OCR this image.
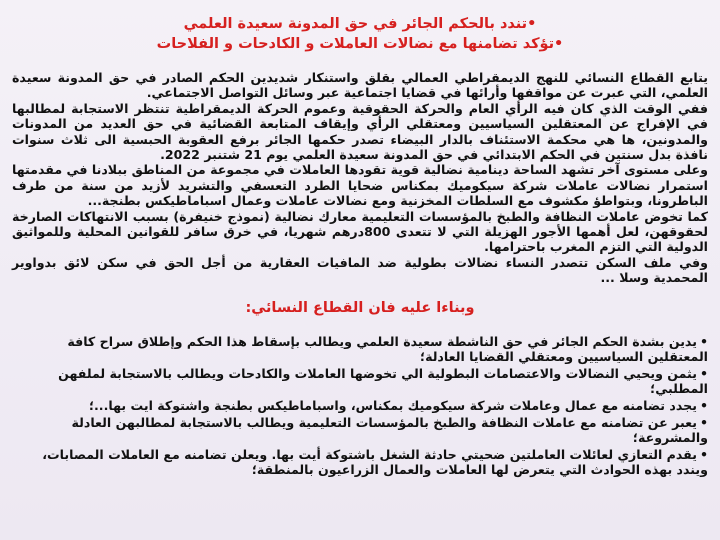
•تندد بالحكم الجائر في حق المدونة سعيدة العلمي

•تؤكد تضامنها مع نضالات العاملات و الكادحات و الفلاحات

يتابع القطاع النسائي للنهج الديمقراطي العمالي بقلق واستنكار شديدين الحكم الصادر في حق المدونة سعيدة العلمي، التي عبرت عن مواقفها وأرائها في قضايا اجتماعية عبر وسائل التواصل الاجتماعي.

ففي الوقت الذي كان فيه الرأي العام والحركة الحقوقية وعموم الحركة الديمقراطية تنتظر الاستجابة لمطالبها في الإفراج عن المعتقلين السياسيين ومعتقلي الرأي وإيقاف المتابعة القضائية في حق العديد من المدونات والمدونين، ها هي محكمة الاستئناف بالدار البيضاء تصدر حكمها الجائر برفع العقوبة الحبسية الى ثلاث سنوات نافذة بدل سنتين في الحكم الابتدائي في حق المدونة سعيدة العلمي يوم 21 شتنبر 2022.

وعلى مستوى آخر تشهد الساحة دينامية نضالية قوية تقودها العاملات في مجموعة من المناطق ببلادنا في مقدمتها استمرار نضالات عاملات شركة سيكوميك بمكناس ضحايا الطرد التعسفي والتشريد لأزيد من سنة من طرف الباطرونا، وبتواطؤ مكشوف مع السلطات المخزنية ومع نضالات عاملات وعمال اسباماطيكس بطنجة...

كما تخوض عاملات النظافة والطبخ بالمؤسسات التعليمية معارك نضالية (نموذج خنيفرة) بسبب الانتهاكات الصارخة لحقوقهن، لعل أهمها الأجور الهزيلة التي لا تتعدى 800درهم شهريا، في خرق سافر للقوانين المحلية وللمواثيق الدولية التي التزم المغرب باحترامها.

وفي ملف السكن تتصدر النساء نضالات بطولية ضد المافيات العقارية من أجل الحق في سكن لائق بدواوير المحمدية وسلا ...

وبناءا عليه فان القطاع النسائي:
•يدين بشدة الحكم الجائر في حق الناشطة سعيدة العلمي ويطالب بإسقاط هذا الحكم وإطلاق سراح كافة المعتقلين السياسيين ومعتقلي القضايا العادلة؛
•يثمن ويحيي النضالات والاعتصامات البطولية الي تخوضها العاملات والكادحات ويطالب بالاستجابة لملفهن المطلبي؛
•يجدد تضامنه مع عمال وعاملات شركة سيكوميك بمكناس، واسباماطيكس بطنجة واشتوكة ايت بها...؛
•يعبر عن تضامنه مع عاملات النظافة والطبخ بالمؤسسات التعليمية ويطالب بالاستجابة لمطالبهن العادلة والمشروعة؛
•يقدم التعازي لعائلات العاملتين ضحيتي حادثة الشغل باشتوكة أيت بها. ويعلن تضامنه مع العاملات المصابات، ويندد بهذه الحوادث التي يتعرض لها العاملات والعمال الزراعيون بالمنطقة؛
